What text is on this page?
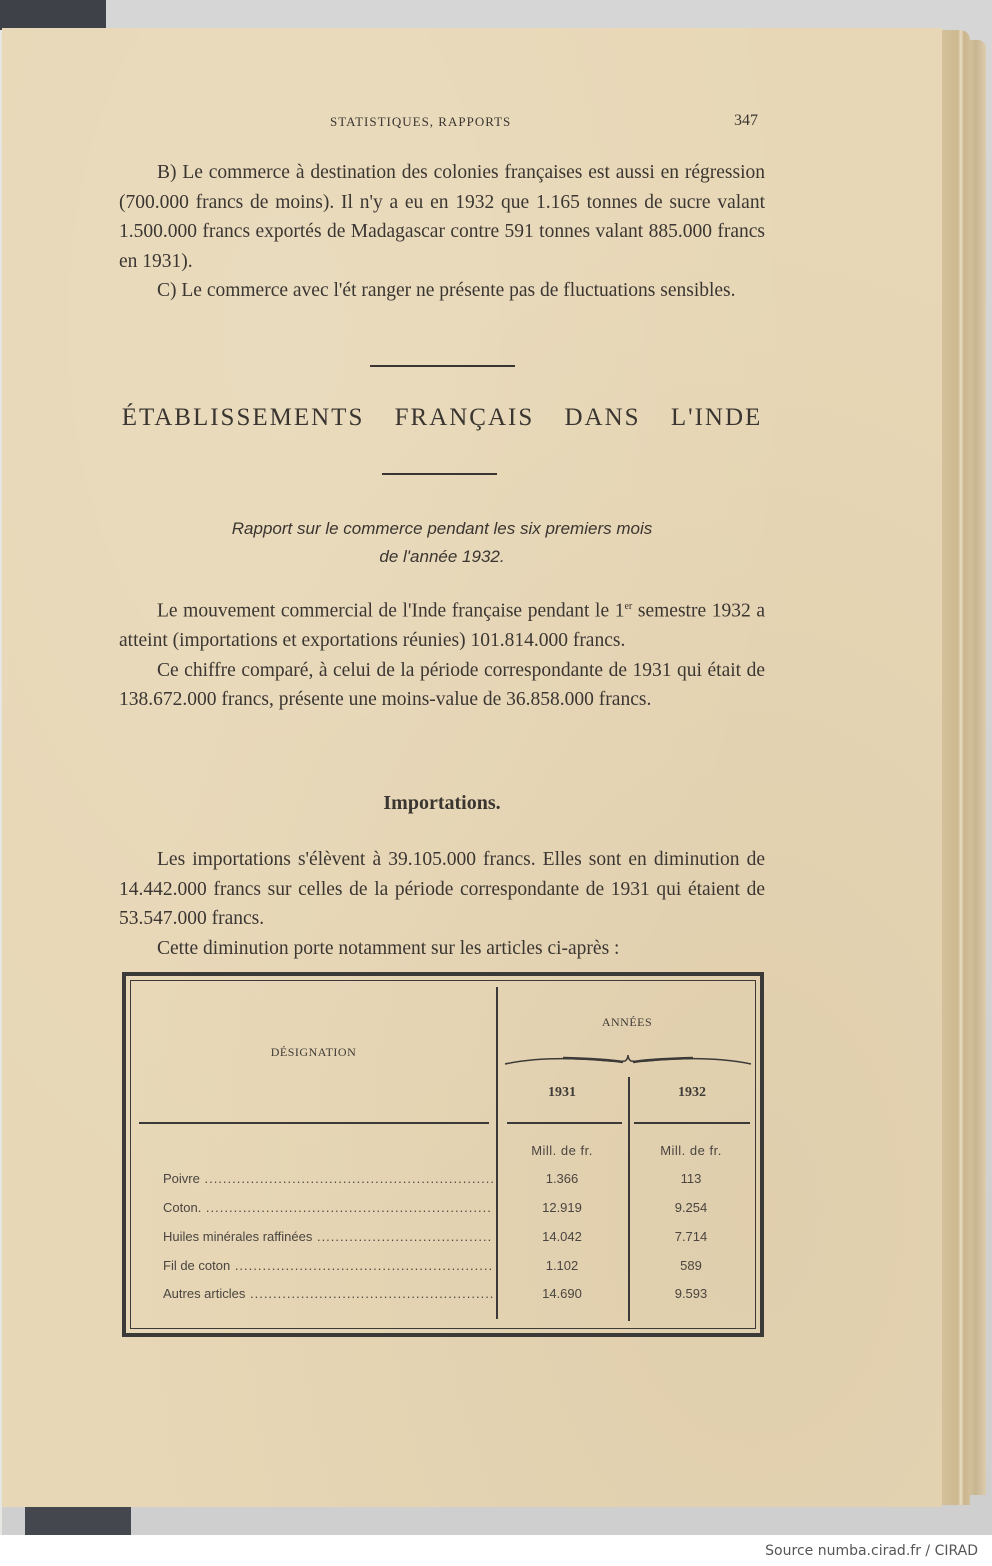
STATISTIQUES, RAPPORTS	347

B) Le commerce à destination des colonies françaises est aussi en régression (700.000 francs de moins). Il n'y a eu en 1932 que 1.165 tonnes de sucre valant 1.500.000 francs exportés de Madagascar contre 591 tonnes valant 885.000 francs en 1931).

C) Le commerce avec l'ét ranger ne présente pas de fluctuations sensibles.

ÉTABLISSEMENTS FRANÇAIS DANS L'INDE
Rapport sur le commerce pendant les six premiers mois
de l'année 1932.

Le mouvement commercial de l'Inde française pendant le 1er semestre 1932 a atteint (importations et exportations réunies) 101.814.000 francs.

Ce chiffre comparé, à celui de la période correspondante de 1931 qui était de 138.672.000 francs, présente une moins-value de 36.858.000 francs.

Importations.

Les importations s'élèvent à 39.105.000 francs. Elles sont en diminution de 14.442.000 francs sur celles de la période correspondante de 1931 qui étaient de 53.547.000 francs.

Cette diminution porte notamment sur les articles ci-après :

DÉSIGNATION
ANNÉES
1931	1932
Mill. de fr.	Mill. de fr.
Poivre .....	1.366	113
Coton. .....	12.919	9.254
Huiles minérales raffinées .....	14.042	7.714
Fil de coton .....	1.102	589
Autres articles .....	14.690	9.593
Source numba.cirad.fr / CIRAD
